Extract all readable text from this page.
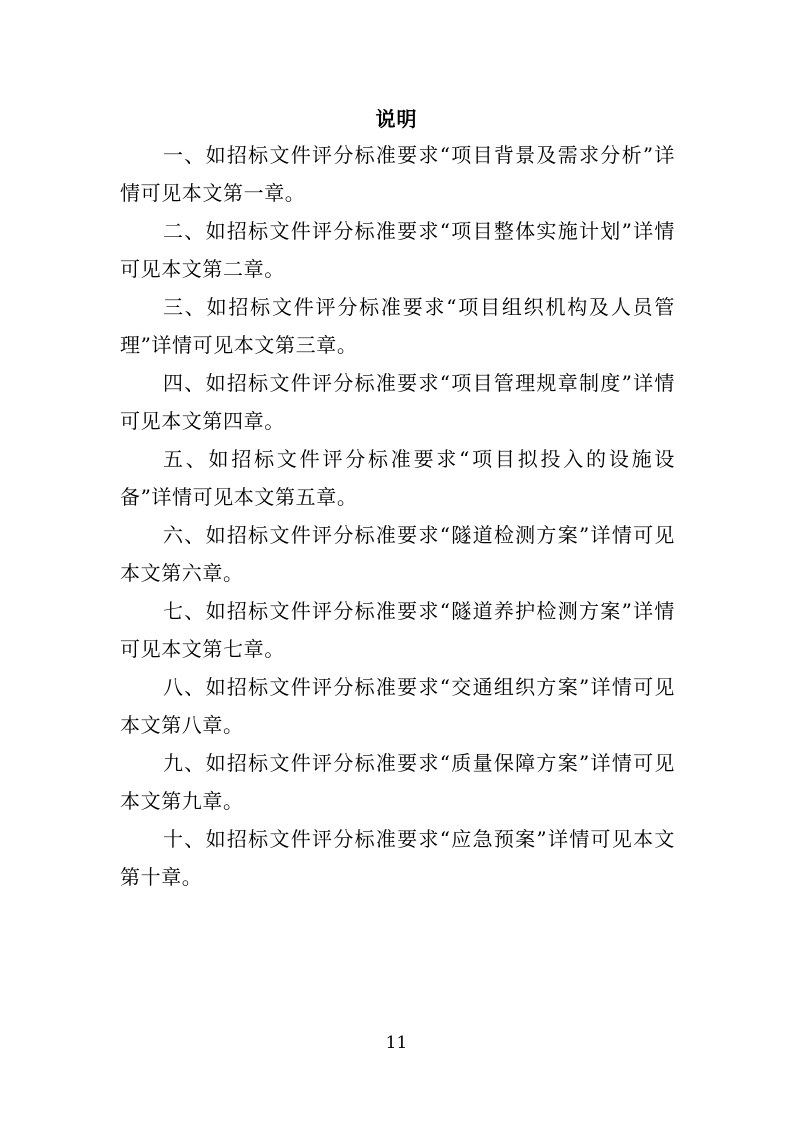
说明
一、如招标文件评分标准要求“项目背景及需求分析”详情可见本文第一章。
二、如招标文件评分标准要求“项目整体实施计划”详情可见本文第二章。
三、如招标文件评分标准要求“项目组织机构及人员管理”详情可见本文第三章。
四、如招标文件评分标准要求“项目管理规章制度”详情可见本文第四章。
五、如招标文件评分标准要求“项目拟投入的设施设备”详情可见本文第五章。
六、如招标文件评分标准要求“隧道检测方案”详情可见本文第六章。
七、如招标文件评分标准要求“隧道养护检测方案”详情可见本文第七章。
八、如招标文件评分标准要求“交通组织方案”详情可见本文第八章。
九、如招标文件评分标准要求“质量保障方案”详情可见本文第九章。
十、如招标文件评分标准要求“应急预案”详情可见本文第十章。
11
